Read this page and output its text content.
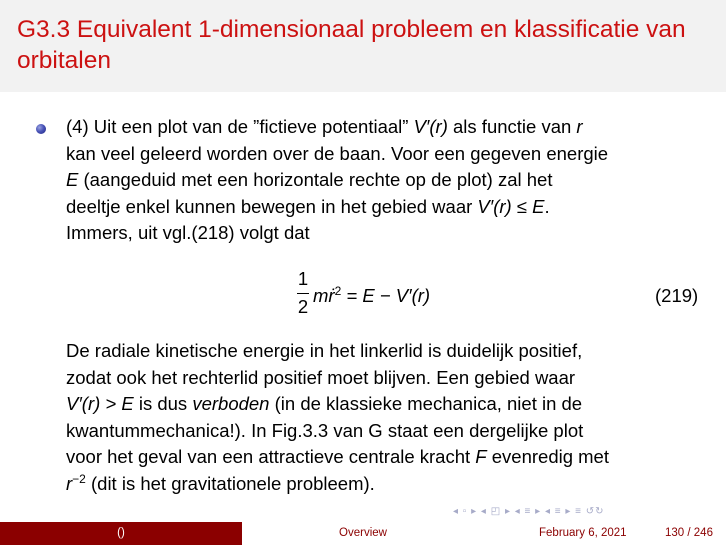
G3.3 Equivalent 1-dimensionaal probleem en klassificatie van orbitalen
(4) Uit een plot van de ”fictieve potentiaal” V′(r) als functie van r
kan veel geleerd worden over de baan. Voor een gegeven energie
E (aangeduid met een horizontale rechte op de plot) zal het
deeltje enkel kunnen bewegen in het gebied waar V′(r) ≤ E.
Immers, uit vgl.(218) volgt dat
1
2
mṙ$^2$ = E − V′(r)	(219)
De radiale kinetische energie in het linkerlid is duidelijk positief,
zodat ook het rechterlid positief moet blijven. Een gebied waar
V′(r) > E is dus verboden (in de klassieke mechanica, niet in de
kwantummechanica!). In Fig.3.3 van G staat een dergelijke plot
voor het geval van een attractieve centrale kracht F evenredig met
$r^{-2}$ (dit is het gravitationele probleem).
◂ ▫ ▸ ◂ ◰ ▸ ◂ ≡ ▸ ◂ ≡ ▸ ≡ ↺↻
()	Overview	February 6, 2021	130 / 246
